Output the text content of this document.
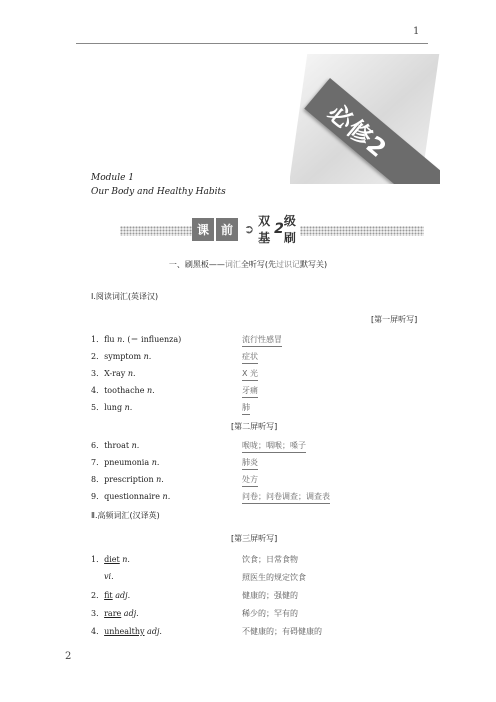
1
必修2
Module 1
Our Body and Healthy Habits
课	前 ➲
双基
2 级刷
一、刷黑板——词汇全听写(先过识记默写关)
Ⅰ.阅读词汇(英译汉)
[第一屏听写]
1．flu n. (＝ influenza)	流行性感冒
2．symptom n.	症状
3．X-ray n.	X 光
4．toothache n.	牙痛
5．lung n.	肺
[第二屏听写]
6．throat n.	喉咙；咽喉；嗓子
7．pneumonia n.	肺炎
8．prescription n.	处方
9．questionnaire n.	问卷；问卷调查；调查表
Ⅱ.高频词汇(汉译英)
[第三屏听写]
1．diet n.	饮食；日常食物
vi.	照医生的规定饮食
2．fit adj.	健康的；强健的
3．rare adj.	稀少的；罕有的
4．unhealthy adj.	不健康的；有碍健康的
2
